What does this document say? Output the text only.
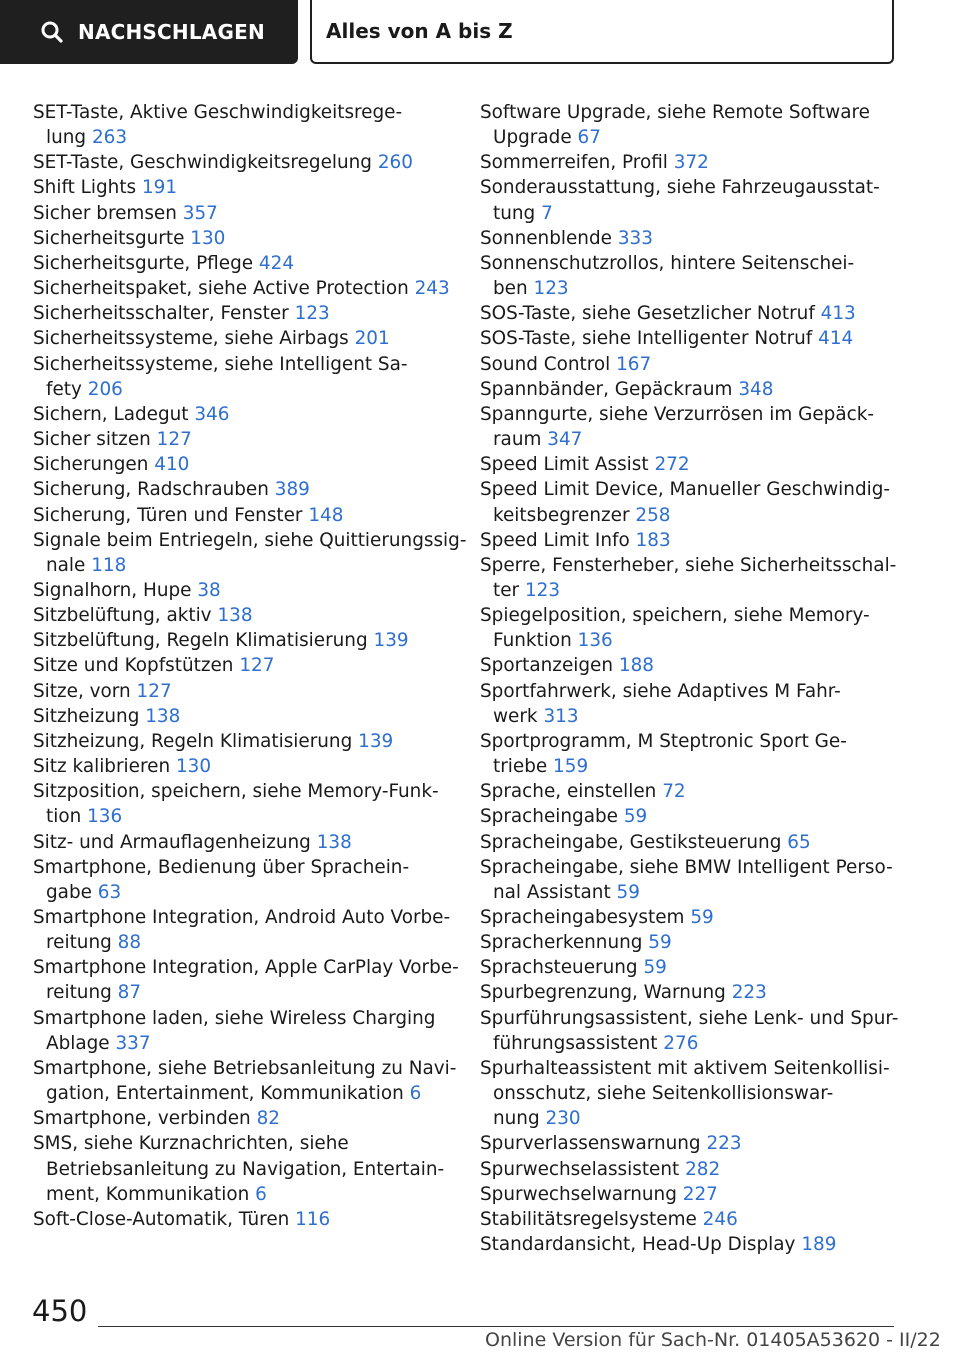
NACHSCHLAGEN	Alles von A bis Z
SET-Taste, Aktive Geschwindigkeitsrege-
lung 263
SET-Taste, Geschwindigkeitsregelung 260
Shift Lights 191
Sicher bremsen 357
Sicherheitsgurte 130
Sicherheitsgurte, Pflege 424
Sicherheitspaket, siehe Active Protection 243
Sicherheitsschalter, Fenster 123
Sicherheitssysteme, siehe Airbags 201
Sicherheitssysteme, siehe Intelligent Sa-
fety 206
Sichern, Ladegut 346
Sicher sitzen 127
Sicherungen 410
Sicherung, Radschrauben 389
Sicherung, Türen und Fenster 148
Signale beim Entriegeln, siehe Quittierungssig-
nale 118
Signalhorn, Hupe 38
Sitzbelüftung, aktiv 138
Sitzbelüftung, Regeln Klimatisierung 139
Sitze und Kopfstützen 127
Sitze, vorn 127
Sitzheizung 138
Sitzheizung, Regeln Klimatisierung 139
Sitz kalibrieren 130
Sitzposition, speichern, siehe Memory-Funk-
tion 136
Sitz- und Armauflagenheizung 138
Smartphone, Bedienung über Sprachein-
gabe 63
Smartphone Integration, Android Auto Vorbe-
reitung 88
Smartphone Integration, Apple CarPlay Vorbe-
reitung 87
Smartphone laden, siehe Wireless Charging
Ablage 337
Smartphone, siehe Betriebsanleitung zu Navi-
gation, Entertainment, Kommunikation 6
Smartphone, verbinden 82
SMS, siehe Kurznachrichten, siehe
Betriebsanleitung zu Navigation, Entertain-
ment, Kommunikation 6
Soft-Close-Automatik, Türen 116
Software Upgrade, siehe Remote Software
Upgrade 67
Sommerreifen, Profil 372
Sonderausstattung, siehe Fahrzeugausstat-
tung 7
Sonnenblende 333
Sonnenschutzrollos, hintere Seitenschei-
ben 123
SOS-Taste, siehe Gesetzlicher Notruf 413
SOS-Taste, siehe Intelligenter Notruf 414
Sound Control 167
Spannbänder, Gepäckraum 348
Spanngurte, siehe Verzurrösen im Gepäck-
raum 347
Speed Limit Assist 272
Speed Limit Device, Manueller Geschwindig-
keitsbegrenzer 258
Speed Limit Info 183
Sperre, Fensterheber, siehe Sicherheitsschal-
ter 123
Spiegelposition, speichern, siehe Memory-
Funktion 136
Sportanzeigen 188
Sportfahrwerk, siehe Adaptives M Fahr-
werk 313
Sportprogramm, M Steptronic Sport Ge-
triebe 159
Sprache, einstellen 72
Spracheingabe 59
Spracheingabe, Gestiksteuerung 65
Spracheingabe, siehe BMW Intelligent Perso-
nal Assistant 59
Spracheingabesystem 59
Spracherkennung 59
Sprachsteuerung 59
Spurbegrenzung, Warnung 223
Spurführungsassistent, siehe Lenk- und Spur-
führungsassistent 276
Spurhalteassistent mit aktivem Seitenkollisi-
onsschutz, siehe Seitenkollisionswar-
nung 230
Spurverlassenswarnung 223
Spurwechselassistent 282
Spurwechselwarnung 227
Stabilitätsregelsysteme 246
Standardansicht, Head-Up Display 189
450
Online Version für Sach-Nr. 01405A53620 - II/22
